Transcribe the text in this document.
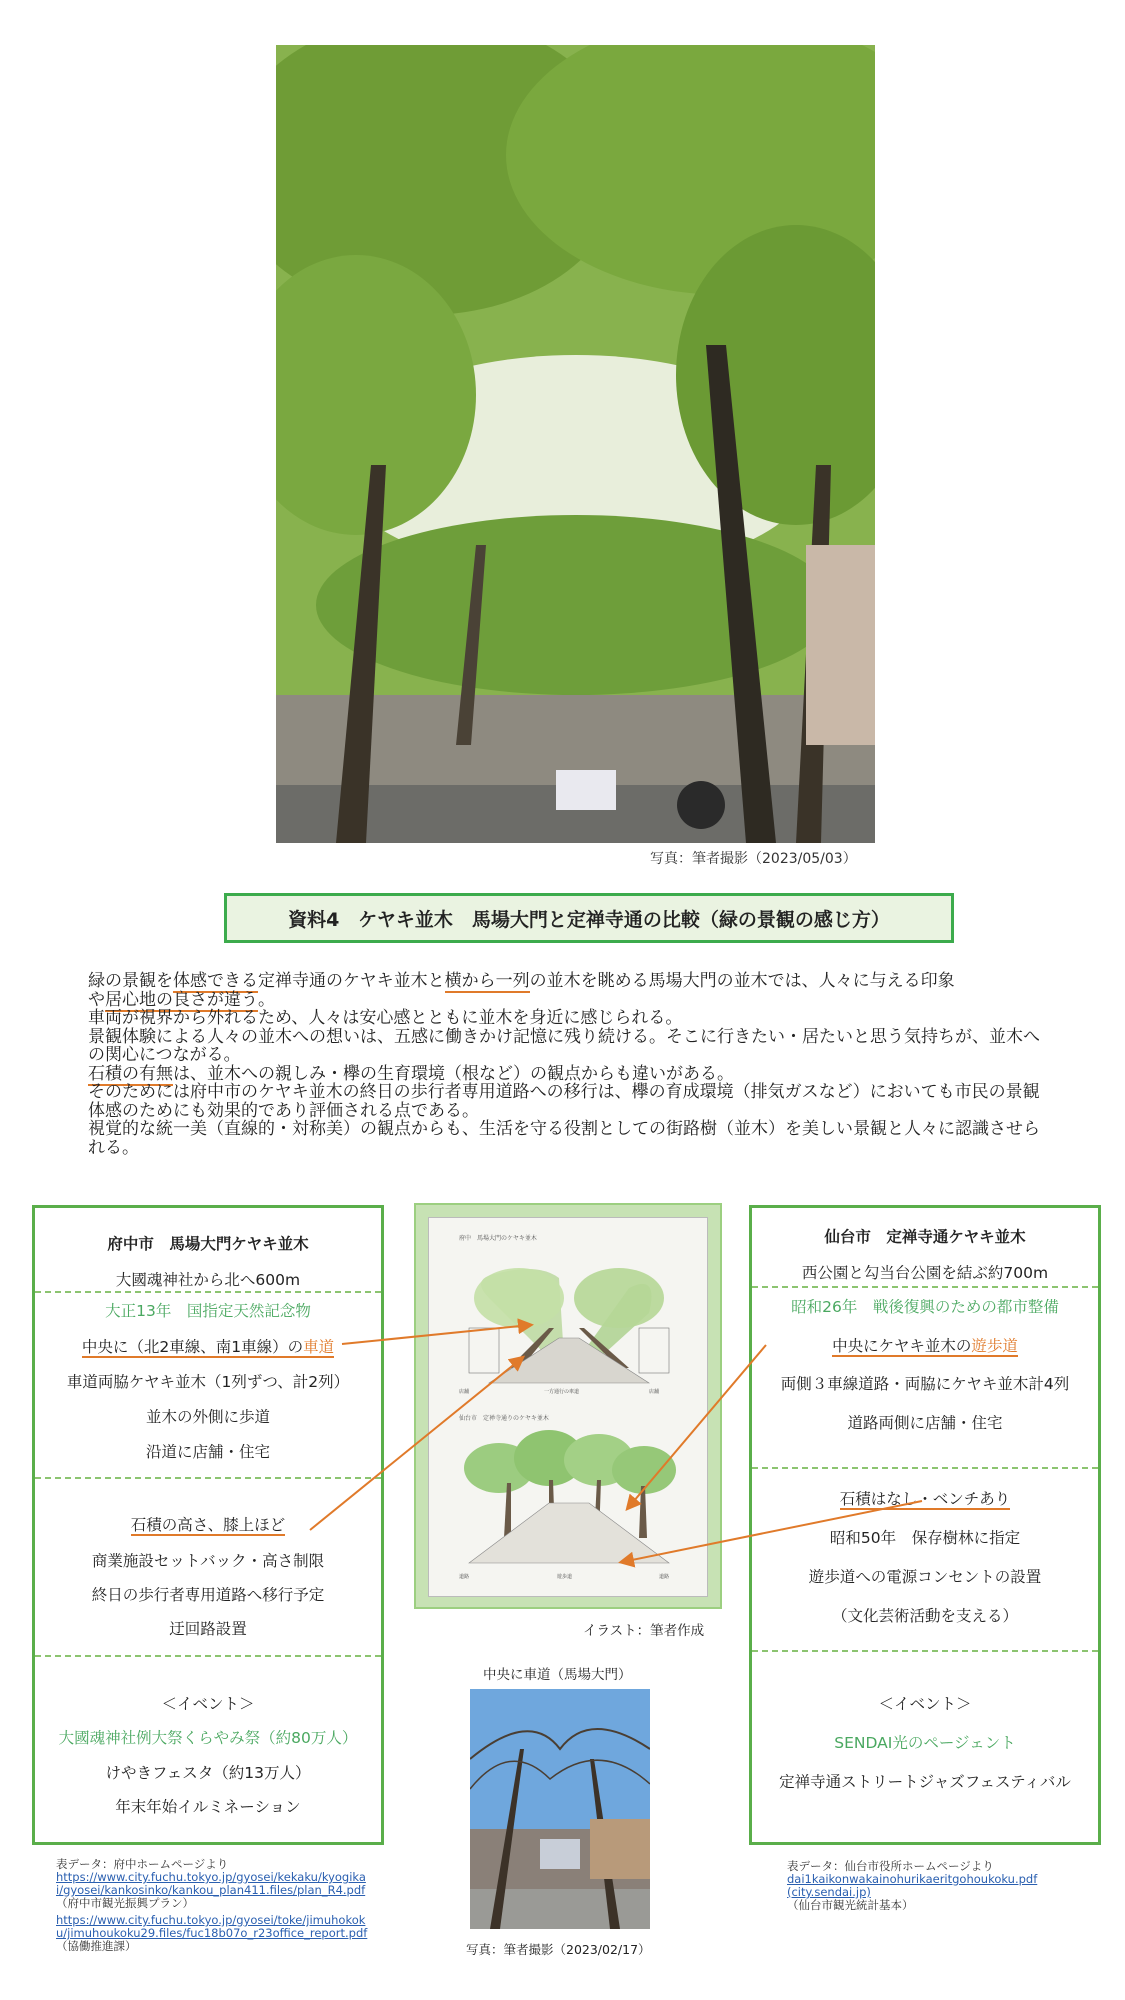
写真：筆者撮影（2023/05/03）
資料4　ケヤキ並木　馬場大門と定禅寺通の比較（緑の景観の感じ方）

緑の景観を体感できる定禅寺通のケヤキ並木と横から一列の並木を眺める馬場大門の並木では、人々に与える印象
や居心地の良さが違う。

車両が視界から外れるため、人々は安心感とともに並木を身近に感じられる。

景観体験による人々の並木への想いは、五感に働きかけ記憶に残り続ける。そこに行きたい・居たいと思う気持ちが、並木への関心につながる。

石積の有無は、並木への親しみ・欅の生育環境（根など）の観点からも違いがある。

そのためには府中市のケヤキ並木の終日の歩行者専用道路への移行は、欅の育成環境（排気ガスなど）においても市民の景観体感のためにも効果的であり評価される点である。

視覚的な統一美（直線的・対称美）の観点からも、生活を守る役割としての街路樹（並木）を美しい景観と人々に認識させられる。

府中市　馬場大門ケヤキ並木
大國魂神社から北へ600m
大正13年　国指定天然記念物
中央に（北2車線、南1車線）の車道
車道両脇ケヤキ並木（1列ずつ、計2列）
並木の外側に歩道
沿道に店舗・住宅
石積の高さ、膝上ほど
商業施設セットバック・高さ制限
終日の歩行者専用道路へ移行予定
迂回路設置
＜イベント＞
大國魂神社例大祭くらやみ祭（約80万人）
けやきフェスタ（約13万人）
年末年始イルミネーション
仙台市　定禅寺通ケヤキ並木
西公園と勾当台公園を結ぶ約700m
昭和26年　戦後復興のための都市整備
中央にケヤキ並木の遊歩道
両側３車線道路・両脇にケヤキ並木計4列
道路両側に店舗・住宅
石積はなし・ベンチあり
昭和50年　保存樹林に指定
遊歩道への電源コンセントの設置
（文化芸術活動を支える）
＜イベント＞
SENDAI光のページェント
定禅寺通ストリートジャズフェスティバル
府中　馬場大門のケヤキ並木
一方通行の車道
店舗	店舗
仙台市　定禅寺通りのケヤキ並木
道路	遊歩道	道路
イラスト：筆者作成
中央に車道（馬場大門）
写真：筆者撮影（2023/02/17）
表データ：府中ホームページより
https://www.city.fuchu.tokyo.jp/gyosei/kekaku/kyogikai/gyosei/kankosinko/kankou_plan411.files/plan_R4.pdf　（府中市観光振興プラン）
https://www.city.fuchu.tokyo.jp/gyosei/toke/jimuhokoku/jimuhoukoku29.files/fuc18b07o_r23office_report.pdf
（協働推進課）
表データ：仙台市役所ホームページより
dai1kaikonwakainohurikaeritgohoukoku.pdf (city.sendai.jp)
（仙台市観光統計基本）
